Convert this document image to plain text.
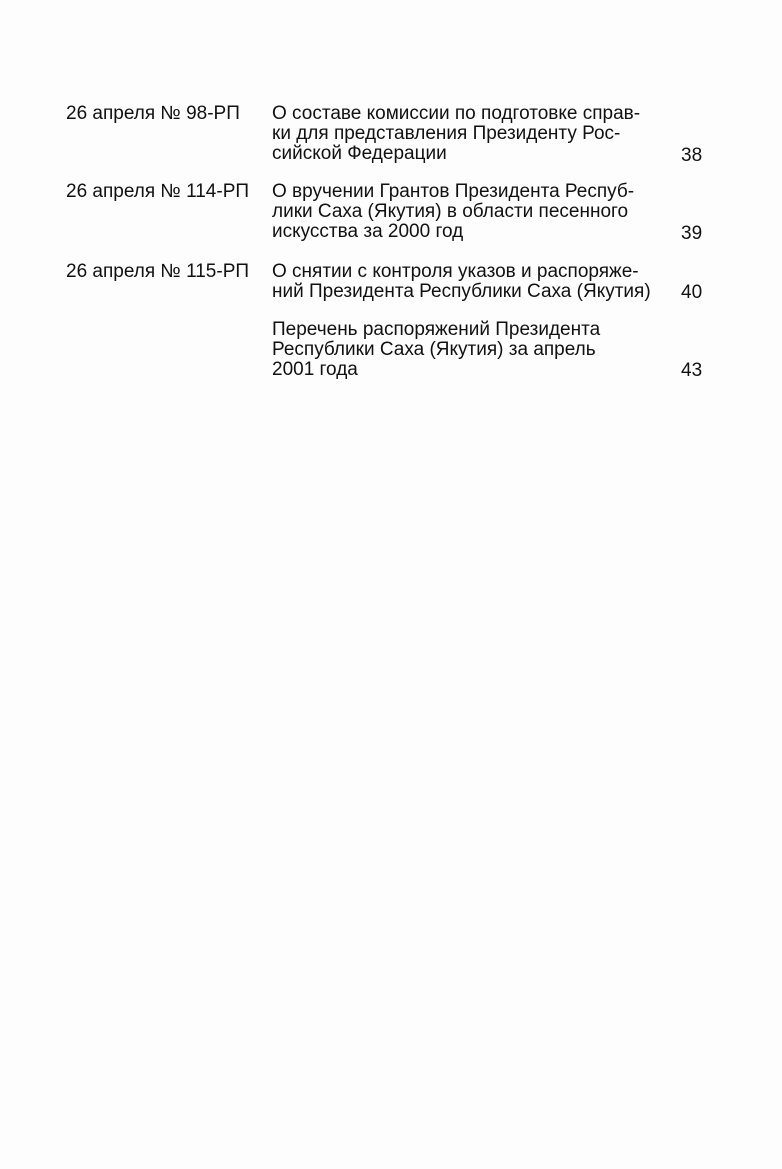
26 апреля № 98-РП О составе комиссии по подготовке справ-
ки для представления Президенту Рос-
сийской Федерации	38
26 апреля № 114-РП О вручении Грантов Президента Респуб-
лики Саха (Якутия) в области песенного
искусства за 2000 год	39
26 апреля № 115-РП О снятии с контроля указов и распоряже-
ний Президента Республики Саха (Якутия)	40
Перечень распоряжений Президента
Республики Саха (Якутия) за апрель
2001 года	43
